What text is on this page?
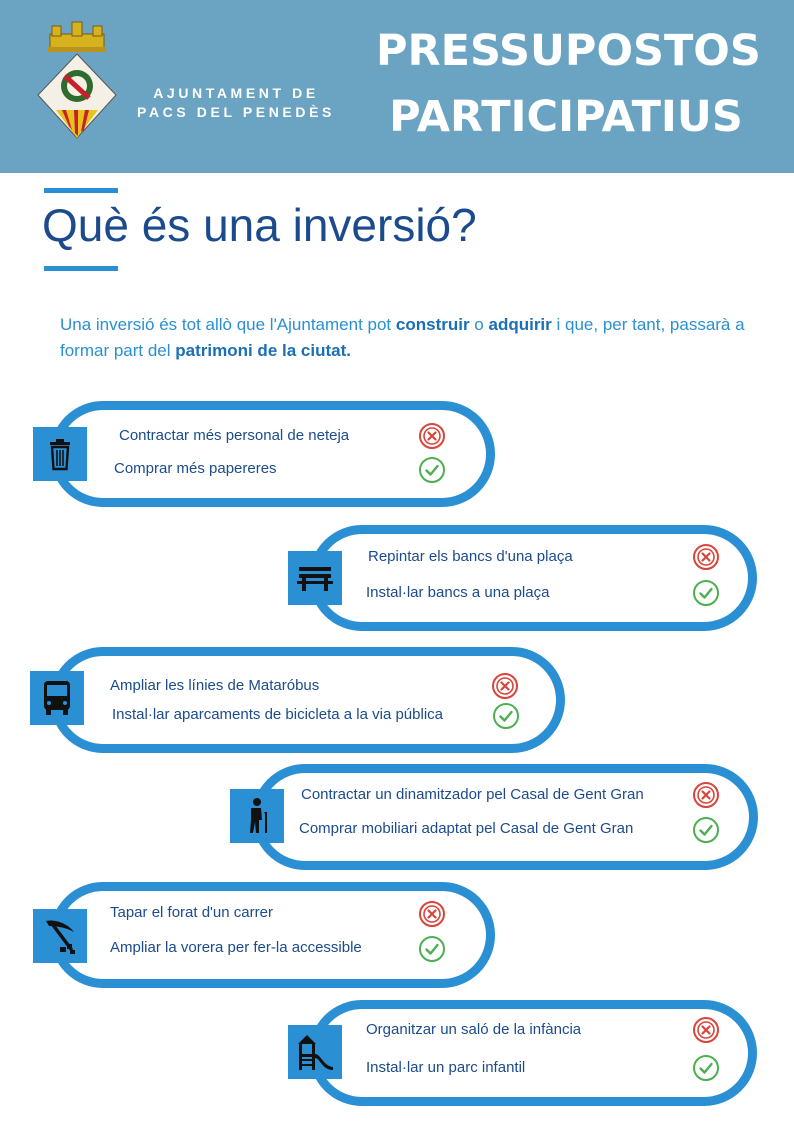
AJUNTAMENT DE
PACS DEL PENEDÈS
PRESSUPOSTOS
PARTICIPATIUS
Què és una inversió?
Una inversió és tot allò que l'Ajuntament pot construir o adquirir i que, per tant, passarà a formar part del patrimoni de la ciutat.
Contractar més personal de neteja
Comprar més papereres
Repintar els bancs d'una plaça
Instal·lar bancs a una plaça
Ampliar les línies de Mataróbus
Instal·lar aparcaments de bicicleta a la via pública
Contractar un dinamitzador pel Casal de Gent Gran
Comprar mobiliari adaptat pel Casal de Gent Gran
Tapar el forat d'un carrer
Ampliar la vorera per fer-la accessible
Organitzar un saló de la infància
Instal·lar un parc infantil
